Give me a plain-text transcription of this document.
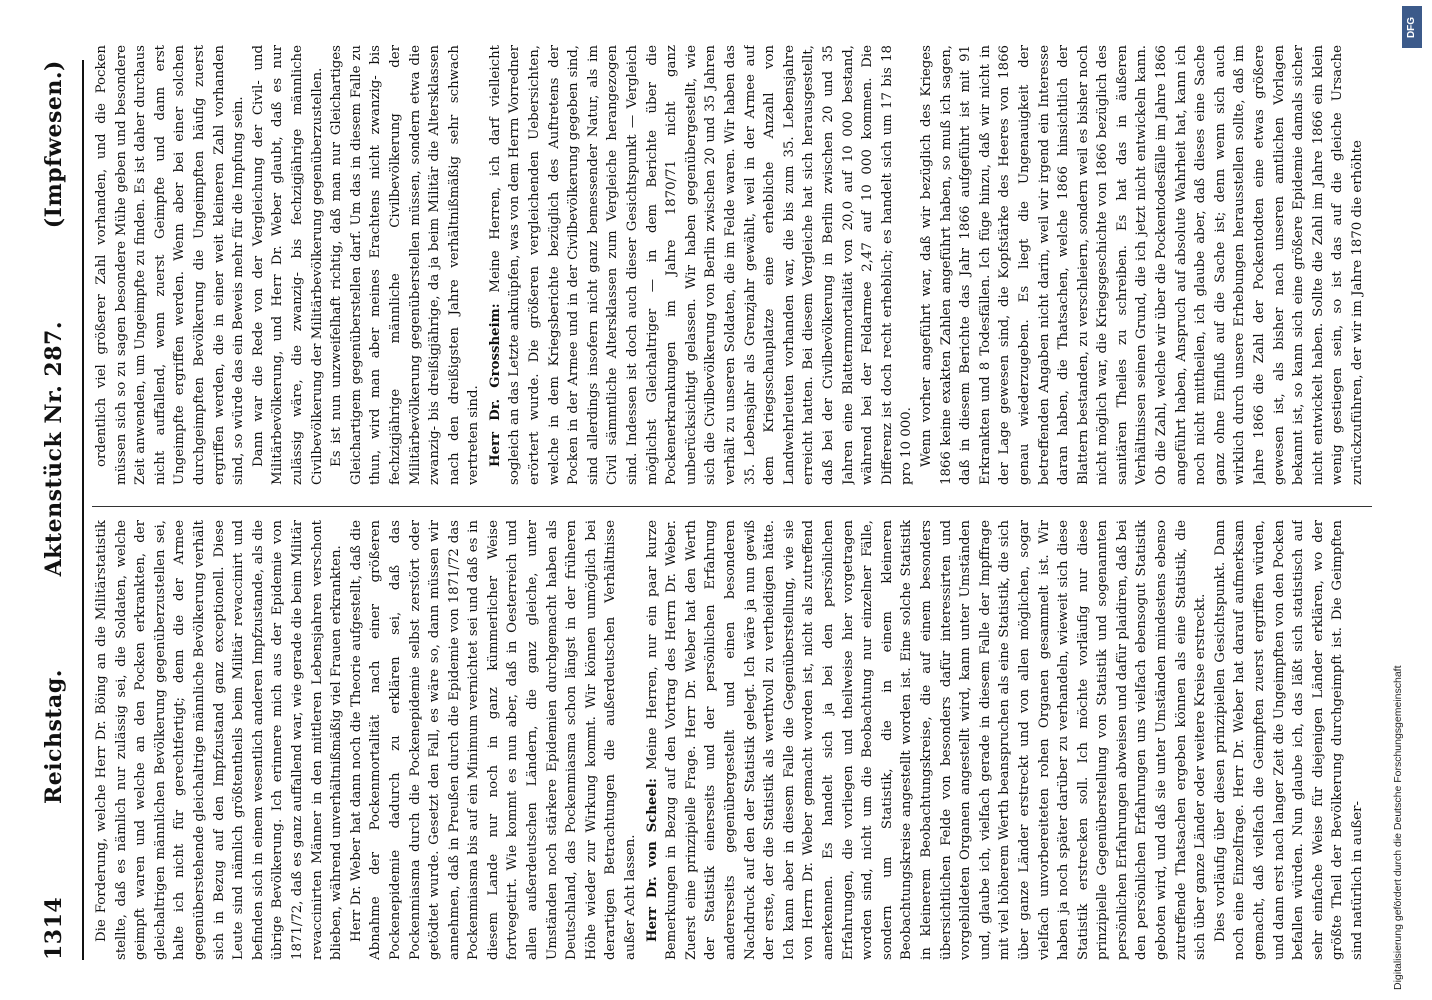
1314
Reichstag.
Aktenstück Nr. 287.
(Impfwesen.)

Die Forderung, welche Herr Dr. Böing an die Militärstatistik stellte, daß es nämlich nur zulässig sei, die Soldaten, welche geimpft waren und welche an den Pocken erkrankten, der gleichaltrigen männlichen Bevölkerung gegenüberzustellen sei, halte ich nicht für gerechtfertigt; denn die der Armee gegenüberstehende gleichaltrige männliche Bevölkerung verhält sich in Bezug auf den Impfzustand ganz exceptionell. Diese Leute sind nämlich größtentheils beim Militär revaccinirt und befinden sich in einem wesentlich anderen Impfzustande, als die übrige Bevölkerung. Ich erinnere mich aus der Epidemie von 1871/72, daß es ganz auffallend war, wie gerade die beim Militär revaccinirten Männer in den mittleren Lebensjahren verschont blieben, während unverhältnißmäßig viel Frauen erkrankten. Herr Dr. Weber hat dann noch die Theorie aufgestellt, daß die Abnahme der Pockenmortalität nach einer größeren Pockenepidemie dadurch zu erklären sei, daß das Pockenmiasma durch die Pockenepidemie selbst zerstört oder getödtet wurde. Gesetzt den Fall, es wäre so, dann müssen wir annehmen, daß in Preußen durch die Epidemie von 1871/72 das Pockenmiasma bis auf ein Minimum vernichtet sei und daß es in diesem Lande nur noch in ganz kümmerlicher Weise fortvegetirt. Wie kommt es nun aber, daß in Oesterreich und allen außerdeutschen Ländern, die ganz gleiche, unter Umständen noch stärkere Epidemien durchgemacht haben als Deutschland, das Pockenmiasma schon längst in der früheren Höhe wieder zur Wirkung kommt. Wir können unmöglich bei derartigen Betrachtungen die außerdeutschen Verhältnisse außer Acht lassen. Herr Dr. von Scheel: Meine Herren, nur ein paar kurze Bemerkungen in Bezug auf den Vortrag des Herrn Dr. Weber. Zuerst eine prinzipielle Frage. Herr Dr. Weber hat den Werth der Statistik einerseits und der persönlichen Erfahrung andererseits gegenübergestellt und einen besonderen Nachdruck auf den der Statistik gelegt. Ich wäre ja nun gewiß der erste, der die Statistik als werthvoll zu vertheidigen hätte. Ich kann aber in diesem Falle die Gegenüberstellung, wie sie von Herrn Dr. Weber gemacht worden ist, nicht als zutreffend anerkennen. Es handelt sich ja bei den persönlichen Erfahrungen, die vorliegen und theilweise hier vorgetragen worden sind, nicht um die Beobachtung nur einzelner Fälle, sondern um Statistik, die in einem kleineren Beobachtungskreise angestellt worden ist. Eine solche Statistik in kleinerem Beobachtungskreise, die auf einem besonders übersichtlichen Felde von besonders dafür interessirten und vorgebildeten Organen angestellt wird, kann unter Umständen und, glaube ich, vielfach gerade in diesem Falle der Impffrage mit viel höherem Werth beanspruchen als eine Statistik, die sich über ganze Länder erstreckt und von allen möglichen, sogar vielfach unvorbereiteten rohen Organen gesammelt ist. Wir haben ja noch später darüber zu verhandeln, wieweit sich diese Statistik erstrecken soll. Ich möchte vorläufig nur diese prinzipielle Gegenüberstellung von Statistik und sogenannten persönlichen Erfahrungen abweisen und dafür plaidiren, daß bei den persönlichen Erfahrungen uns vielfach ebensogut Statistik geboten wird, und daß sie unter Umständen mindestens ebenso zutreffende Thatsachen ergeben können als eine Statistik, die sich über ganze Länder oder weitere Kreise erstreckt. Dies vorläufig über diesen prinzipiellen Gesichtspunkt. Dann noch eine Einzelfrage. Herr Dr. Weber hat darauf aufmerksam gemacht, daß vielfach die Geimpften zuerst ergriffen würden, und dann erst nach langer Zeit die Ungeimpften von den Pocken befallen würden. Nun glaube ich, das läßt sich statistisch auf sehr einfache Weise für diejenigen Länder erklären, wo der größte Theil der Bevölkerung durchgeimpft ist. Die Geimpften sind natürlich in außer-

ordentlich viel größerer Zahl vorhanden, und die Pocken müssen sich so zu sagen besondere Mühe geben und besondere Zeit anwenden, um Ungeimpfte zu finden. Es ist daher durchaus nicht auffallend, wenn zuerst Geimpfte und dann erst Ungeimpfte ergriffen werden. Wenn aber bei einer solchen durchgeimpften Bevölkerung die Ungeimpften häufig zuerst ergriffen werden, die in einer weit kleineren Zahl vorhanden sind, so würde das ein Beweis mehr für die Impfung sein. Dann war die Rede von der Vergleichung der Civil- und Militärbevölkerung, und Herr Dr. Weber glaubt, daß es nur zulässig wäre, die zwanzig- bis fechzigjährige männliche Civilbevölkerung der Militärbevölkerung gegenüberzustellen. Es ist nun unzweifelhaft richtig, daß man nur Gleichartiges Gleichartigem gegenüberstellen darf. Um das in diesem Falle zu thun, wird man aber meines Erachtens nicht zwanzig- bis fechzigjährige männliche Civilbevölkerung der Militärbevölkerung gegenüberstellen müssen, sondern etwa die zwanzig- bis dreißigjährige, da ja beim Militär die Altersklassen nach den dreißigsten Jahre verhältnißmäßig sehr schwach vertreten sind. Herr Dr. Grossheim: Meine Herren, ich darf vielleicht sogleich an das Letzte anknüpfen, was von dem Herrn Vorredner erörtert wurde. Die größeren vergleichenden Uebersichten, welche in dem Kriegsberichte bezüglich des Auftretens der Pocken in der Armee und in der Civilbevölkerung gegeben sind, sind allerdings insofern nicht ganz bemessender Natur, als im Civil sämmtliche Altersklassen zum Vergleiche herangezogen sind. Indessen ist doch auch dieser Gesichtspunkt — Vergleich möglichst Gleichaltriger — in dem Berichte über die Pockenerkrankungen im Jahre 1870/71 nicht ganz unberücksichtigt gelassen. Wir haben gegenübergestellt, wie sich die Civilbevölkerung von Berlin zwischen 20 und 35 Jahren verhält zu unseren Soldaten, die im Felde waren. Wir haben das 35. Lebensjahr als Grenzjahr gewählt, weil in der Armee auf dem Kriegsschauplatze eine erhebliche Anzahl von Landwehrleuten vorhanden war, die bis zum 35. Lebensjahre erreicht hatten. Bei diesem Vergleiche hat sich herausgestellt, daß bei der Civilbevölkerung in Berlin zwischen 20 und 35 Jahren eine Blatternmortalität von 20,0 auf 10 000 bestand, während bei der Feldarmee 2,47 auf 10 000 kommen. Die Differenz ist doch recht erheblich; es handelt sich um 17 bis 18 pro 10 000. Wenn vorher angeführt war, daß wir bezüglich des Krieges 1866 keine exakten Zahlen angeführt haben, so muß ich sagen, daß in diesem Berichte das Jahr 1866 aufgeführt ist mit 91 Erkrankten und 8 Todesfällen. Ich füge hinzu, daß wir nicht in der Lage gewesen sind, die Kopfstärke des Heeres von 1866 genau wiederzugeben. Es liegt die Ungenauigkeit der betreffenden Angaben nicht darin, weil wir irgend ein Interesse daran haben, die Thatsachen, welche 1866 hinsichtlich der Blattern bestanden, zu verschleiern, sondern weil es bisher noch nicht möglich war, die Kriegsgeschichte von 1866 bezüglich des sanitären Theiles zu schreiben. Es hat das in äußeren Verhältnissen seinen Grund, die ich jetzt nicht entwickeln kann. Ob die Zahl, welche wir über die Pockentodesfälle im Jahre 1866 angeführt haben, Anspruch auf absolute Wahrheit hat, kann ich noch nicht mittheilen, ich glaube aber, daß dieses eine Sache ganz ohne Einfluß auf die Sache ist; denn wenn sich auch wirklich durch unsere Erhebungen herausstellen sollte, daß im Jahre 1866 die Zahl der Pockentodten eine etwas größere gewesen ist, als bisher nach unseren amtlichen Vorlagen bekannt ist, so kann sich eine größere Epidemie damals sicher nicht entwickelt haben. Sollte die Zahl im Jahre 1866 ein klein wenig gestiegen sein, so ist das auf die gleiche Ursache zurückzuführen, der wir im Jahre 1870 die erhöhte

DFG
Digitalisierung gefördert durch die Deutsche Forschungsgemeinschaft
